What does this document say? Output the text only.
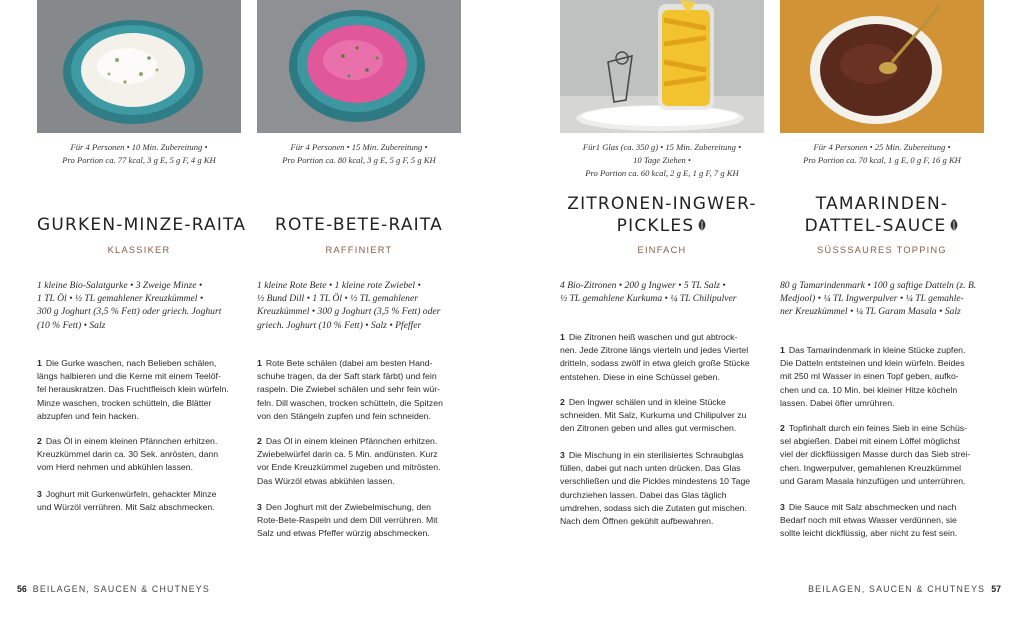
Für 4 Personen • 10 Min. Zubereitung •
Pro Portion ca. 77 kcal, 3 g E, 5 g F, 4 g KH
GURKEN-MINZE-RAITA
KLASSIKER
1 kleine Bio-Salatgurke • 3 Zweige Minze •
1 TL Öl • ½ TL gemahlener Kreuzkümmel •
300 g Joghurt (3,5 % Fett) oder griech. Joghurt
(10 % Fett) • Salz
1 Die Gurke waschen, nach Belieben schälen,
längs halbieren und die Kerne mit einem Teelöf-
fel herauskratzen. Das Fruchtfleisch klein würfeln.
Minze waschen, trocken schütteln, die Blätter
abzupfen und fein hacken.
2 Das Öl in einem kleinen Pfännchen erhitzen.
Kreuzkümmel darin ca. 30 Sek. anrösten, dann
vom Herd nehmen und abkühlen lassen.
3 Joghurt mit Gurkenwürfeln, gehackter Minze
und Würzöl verrühren. Mit Salz abschmecken.
Für 4 Personen • 15 Min. Zubereitung •
Pro Portion ca. 80 kcal, 3 g E, 5 g F, 5 g KH
ROTE-BETE-RAITA
RAFFINIERT
1 kleine Rote Bete • 1 kleine rote Zwiebel •
½ Bund Dill • 1 TL Öl • ½ TL gemahlener
Kreuzkümmel • 300 g Joghurt (3,5 % Fett) oder
griech. Joghurt (10 % Fett) • Salz • Pfeffer
1 Rote Bete schälen (dabei am besten Hand-
schuhe tragen, da der Saft stark färbt) und fein
raspeln. Die Zwiebel schälen und sehr fein wür-
feln. Dill waschen, trocken schütteln, die Spitzen
von den Stängeln zupfen und fein schneiden.
2 Das Öl in einem kleinen Pfännchen erhitzen.
Zwiebelwürfel darin ca. 5 Min. andünsten. Kurz
vor Ende Kreuzkümmel zugeben und mitrösten.
Das Würzöl etwas abkühlen lassen.
3 Den Joghurt mit der Zwiebelmischung, den
Rote-Bete-Raspeln und dem Dill verrühren. Mit
Salz und etwas Pfeffer würzig abschmecken.
Für1 Glas (ca. 350 g) • 15 Min. Zubereitung •
10 Tage Ziehen •
Pro Portion ca. 60 kcal, 2 g E, 1 g F, 7 g KH
ZITRONEN-INGWER-
PICKLES
EINFACH
4 Bio-Zitronen • 200 g Ingwer • 5 TL Salz •
½ TL gemahlene Kurkuma • ¼ TL Chilipulver
1 Die Zitronen heiß waschen und gut abtrock-
nen. Jede Zitrone längs vierteln und jedes Viertel
dritteln, sodass zwölf in etwa gleich große Stücke
entstehen. Diese in eine Schüssel geben.
2 Den Ingwer schälen und in kleine Stücke
schneiden. Mit Salz, Kurkuma und Chilipulver zu
den Zitronen geben und alles gut vermischen.
3 Die Mischung in ein sterilisiertes Schraubglas
füllen, dabei gut nach unten drücken. Das Glas
verschließen und die Pickles mindestens 10 Tage
durchziehen lassen. Dabei das Glas täglich
umdrehen, sodass sich die Zutaten gut mischen.
Nach dem Öffnen gekühlt aufbewahren.
Für 4 Personen • 25 Min. Zubereitung •
Pro Portion ca. 70 kcal, 1 g E, 0 g F, 16 g KH
TAMARINDEN-
DATTEL-SAUCE
SÜSSSAURES TOPPING
80 g Tamarindenmark • 100 g saftige Datteln (z. B.
Medjool) • ¼ TL Ingwerpulver • ¼ TL gemahle-
ner Kreuzkümmel • ¼ TL Garam Masala • Salz
1 Das Tamarindenmark in kleine Stücke zupfen.
Die Datteln entsteinen und klein würfeln. Beides
mit 250 ml Wasser in einen Topf geben, aufko-
chen und ca. 10 Min. bei kleiner Hitze köcheln
lassen. Dabei öfter umrühren.
2 Topfinhalt durch ein feines Sieb in eine Schüs-
sel abgießen. Dabei mit einem Löffel möglichst
viel der dickflüssigen Masse durch das Sieb strei-
chen. Ingwerpulver, gemahlenen Kreuzkümmel
und Garam Masala hinzufügen und unterrühren.
3 Die Sauce mit Salz abschmecken und nach
Bedarf noch mit etwas Wasser verdünnen, sie
sollte leicht dickflüssig, aber nicht zu fest sein.
56 BEILAGEN, SAUCEN & CHUTNEYS	BEILAGEN, SAUCEN & CHUTNEYS 57
